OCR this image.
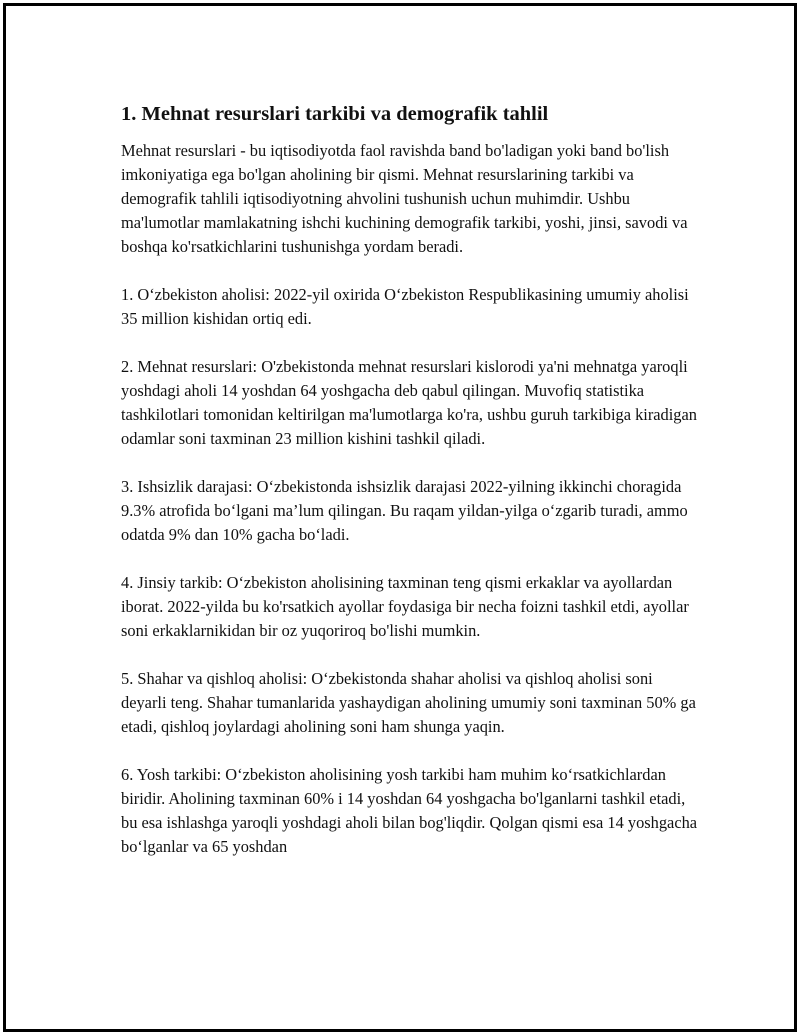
1. Mehnat resurslari tarkibi va demografik tahlil

Mehnat resurslari - bu iqtisodiyotda faol ravishda band bo'ladigan yoki band bo'lish imkoniyatiga ega bo'lgan aholining bir qismi. Mehnat resurslarining tarkibi va demografik tahlili iqtisodiyotning ahvolini tushunish uchun muhimdir. Ushbu ma'lumotlar mamlakatning ishchi kuchining demografik tarkibi, yoshi, jinsi, savodi va boshqa ko'rsatkichlarini tushunishga yordam beradi.

1. O‘zbekiston aholisi: 2022-yil oxirida O‘zbekiston Respublikasining umumiy aholisi 35 million kishidan ortiq edi.

2. Mehnat resurslari: O'zbekistonda mehnat resurslari kislorodi ya'ni mehnatga yaroqli yoshdagi aholi 14 yoshdan 64 yoshgacha deb qabul qilingan. Muvofiq statistika tashkilotlari tomonidan keltirilgan ma'lumotlarga ko'ra, ushbu guruh tarkibiga kiradigan odamlar soni taxminan 23 million kishini tashkil qiladi.

3. Ishsizlik darajasi: O‘zbekistonda ishsizlik darajasi 2022-yilning ikkinchi choragida 9.3% atrofida bo‘lgani ma’lum qilingan. Bu raqam yildan-yilga o‘zgarib turadi, ammo odatda 9% dan 10% gacha bo‘ladi.

4. Jinsiy tarkib: O‘zbekiston aholisining taxminan teng qismi erkaklar va ayollardan iborat. 2022-yilda bu ko'rsatkich ayollar foydasiga bir necha foizni tashkil etdi, ayollar soni erkaklarnikidan bir oz yuqoriroq bo'lishi mumkin.

5. Shahar va qishloq aholisi: O‘zbekistonda shahar aholisi va qishloq aholisi soni deyarli teng. Shahar tumanlarida yashaydigan aholining umumiy soni taxminan 50% ga etadi, qishloq joylardagi aholining soni ham shunga yaqin.

6. Yosh tarkibi: O‘zbekiston aholisining yosh tarkibi ham muhim ko‘rsatkichlardan biridir. Aholining taxminan 60% i 14 yoshdan 64 yoshgacha bo'lganlarni tashkil etadi, bu esa ishlashga yaroqli yoshdagi aholi bilan bog'liqdir. Qolgan qismi esa 14 yoshgacha bo‘lganlar va 65 yoshdan
